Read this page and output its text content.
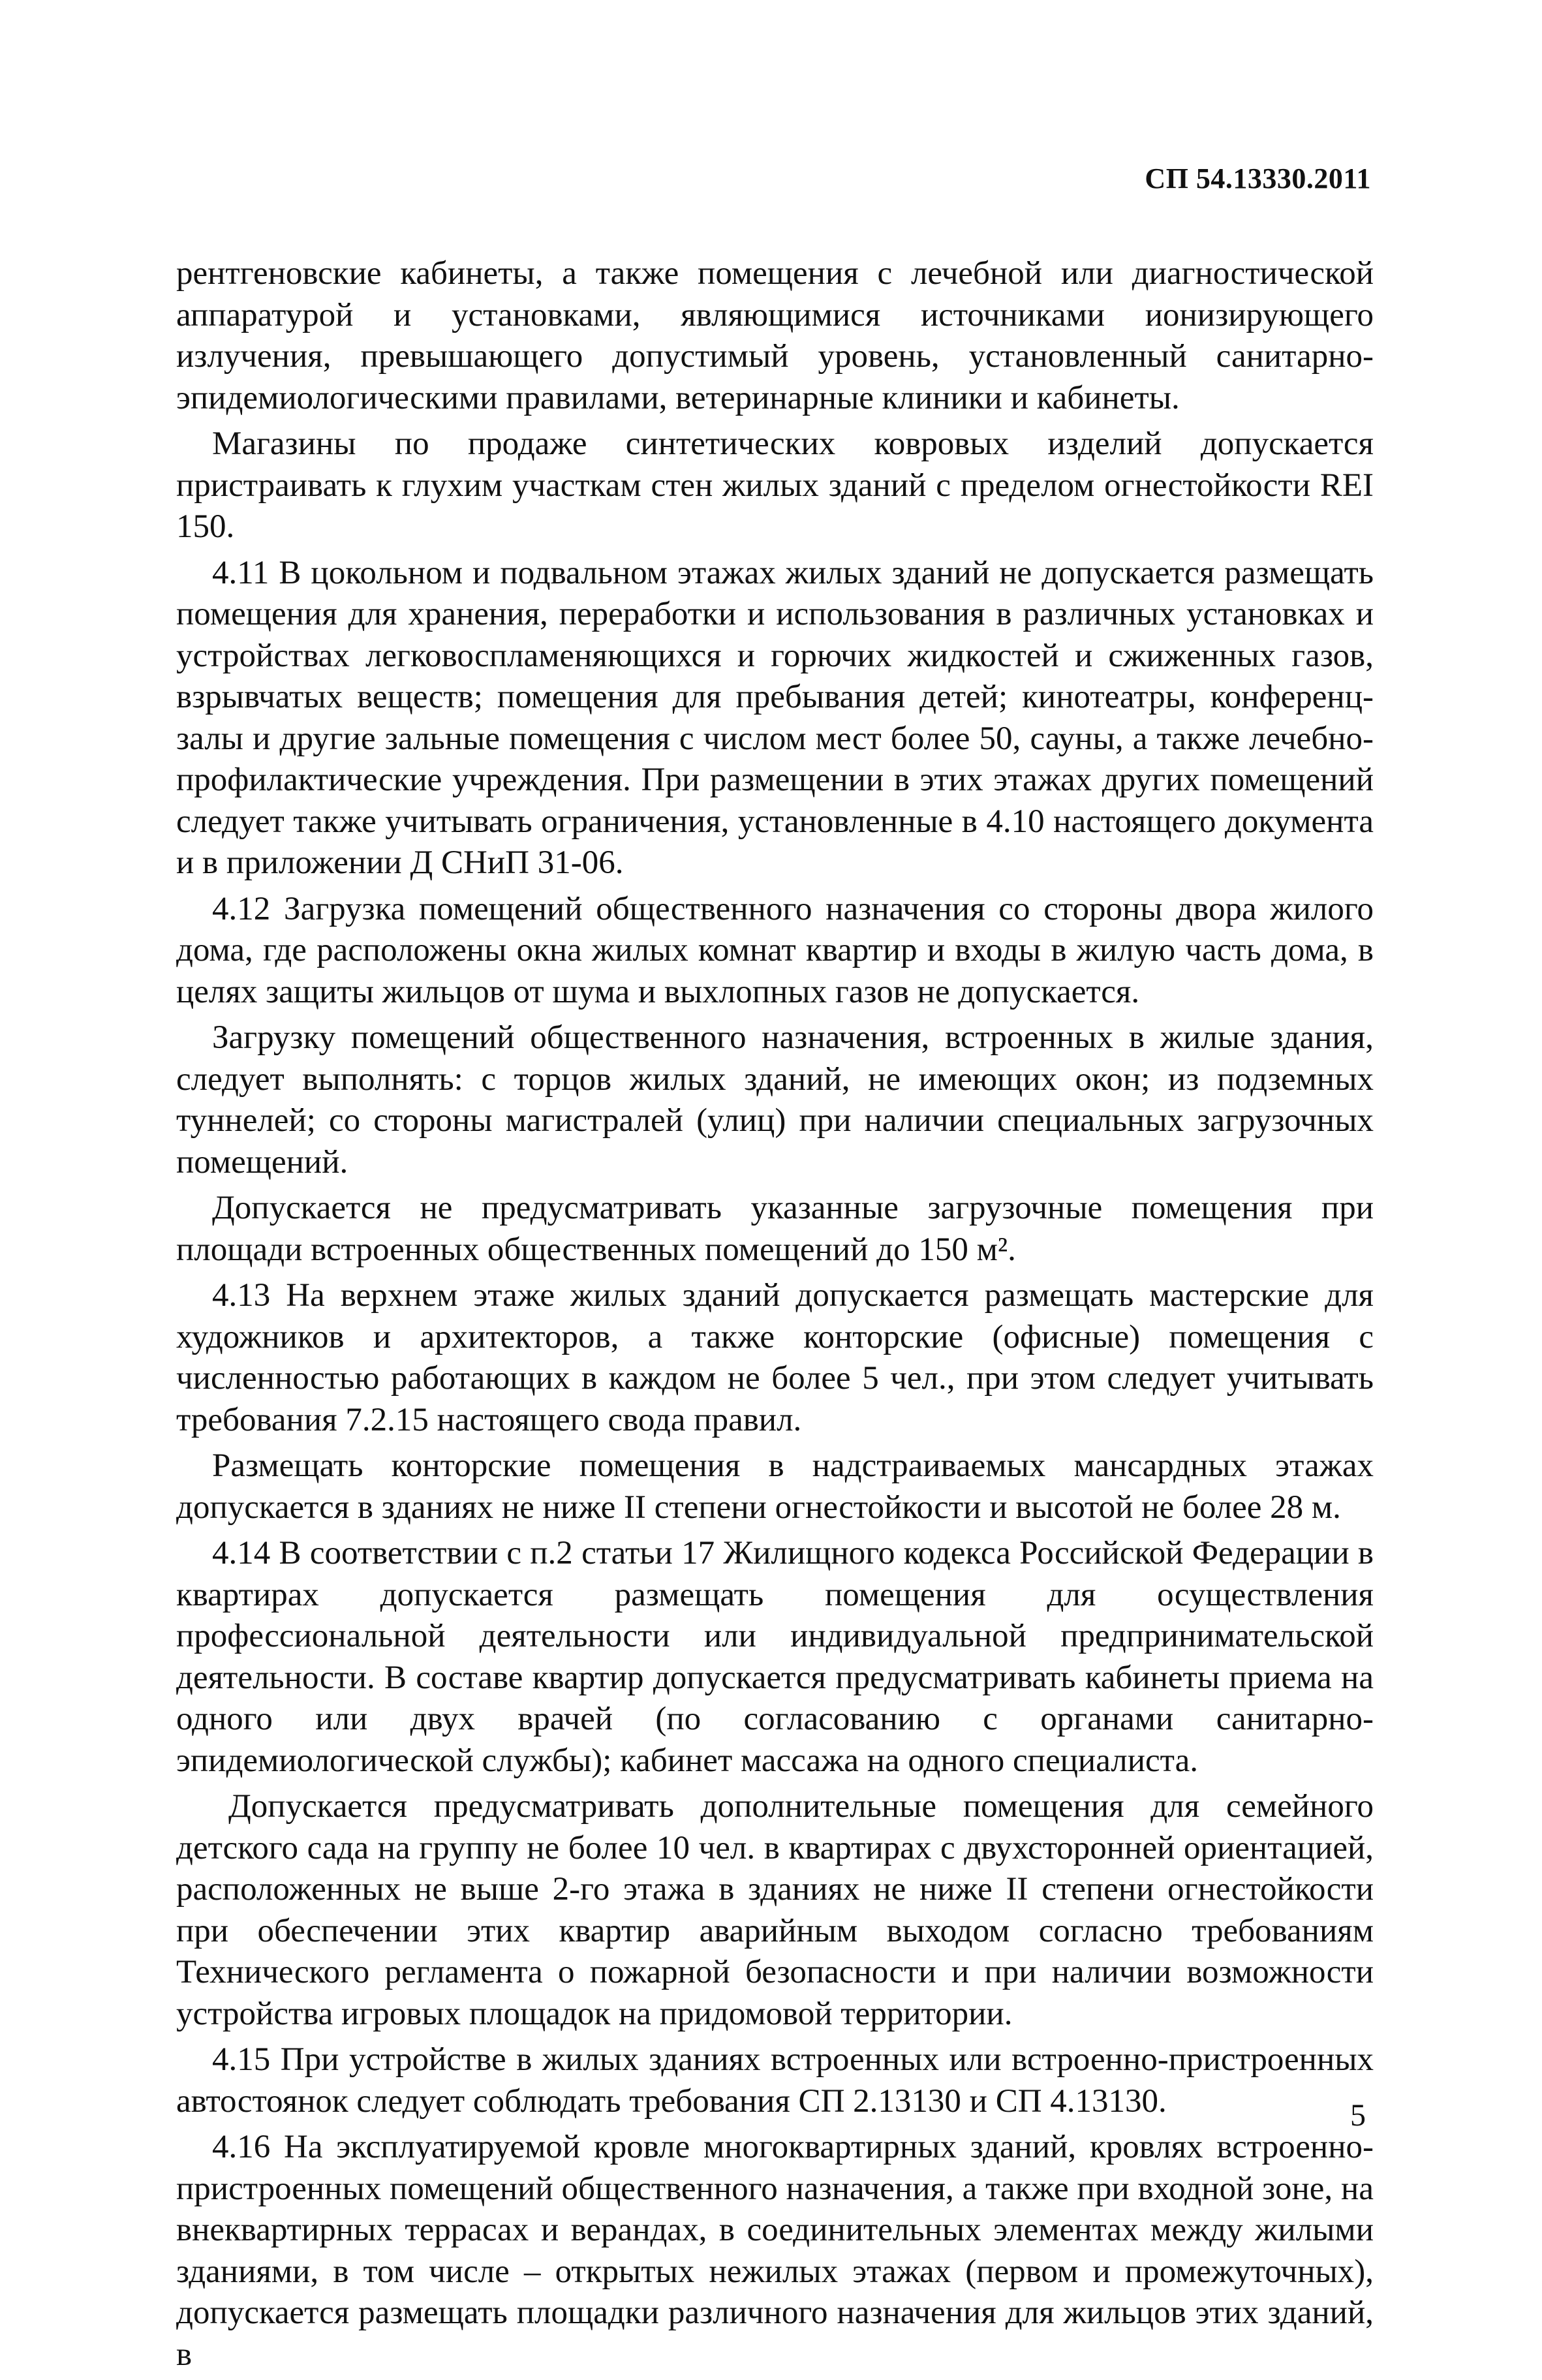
СП 54.13330.2011

рентгеновские кабинеты, а также помещения с лечебной или диагностической аппаратурой и установками, являющимися источниками ионизирующего излучения, превышающего допустимый уровень, установленный санитарно-эпидемиологическими правилами, ветеринарные клиники и кабинеты.

Магазины по продаже синтетических ковровых изделий допускается пристраивать к глухим участкам стен жилых зданий с пределом огнестойкости REI 150.

4.11 В цокольном и подвальном этажах жилых зданий не допускается размещать помещения для хранения, переработки и использования в различных установках и устройствах легковоспламеняющихся и горючих жидкостей и сжиженных газов, взрывчатых веществ; помещения для пребывания детей; кинотеатры, конференц-залы и другие зальные помещения с числом мест более 50, сауны, а также лечебно-профилактические учреждения. При размещении в этих этажах других помещений следует также учитывать ограничения, установленные в 4.10 настоящего документа и в приложении Д СНиП 31-06.

4.12 Загрузка помещений общественного назначения со стороны двора жилого дома, где расположены окна жилых комнат квартир и входы в жилую часть дома, в целях защиты жильцов от шума и выхлопных газов не допускается.

Загрузку помещений общественного назначения, встроенных в жилые здания, следует выполнять: с торцов жилых зданий, не имеющих окон; из подземных туннелей; со стороны магистралей (улиц) при наличии специальных загрузочных помещений.

Допускается не предусматривать указанные загрузочные помещения при площади встроенных общественных помещений до 150 м².

4.13 На верхнем этаже жилых зданий допускается размещать мастерские для художников и архитекторов, а также конторские (офисные) помещения с численностью работающих в каждом не более 5 чел., при этом следует учитывать требования 7.2.15 настоящего свода правил.

Размещать конторские помещения в надстраиваемых мансардных этажах допускается в зданиях не ниже II степени огнестойкости и высотой не более 28 м.

4.14 В соответствии с п.2 статьи 17 Жилищного кодекса Российской Федерации в квартирах допускается размещать помещения для осуществления профессиональной деятельности или индивидуальной предпринимательской деятельности. В составе квартир допускается предусматривать кабинеты приема на одного или двух врачей (по согласованию с органами санитарно-эпидемиологической службы); кабинет массажа на одного специалиста.

Допускается предусматривать дополнительные помещения для семейного детского сада на группу не более 10 чел. в квартирах с двухсторонней ориентацией, расположенных не выше 2-го этажа в зданиях не ниже II степени огнестойкости при обеспечении этих квартир аварийным выходом согласно требованиям Технического регламента о пожарной безопасности и при наличии возможности устройства игровых площадок на придомовой территории.

4.15 При устройстве в жилых зданиях встроенных или встроенно-пристроенных автостоянок следует соблюдать требования СП 2.13130 и СП 4.13130.

4.16 На эксплуатируемой кровле многоквартирных зданий, кровлях встроенно-пристроенных помещений общественного назначения, а также при входной зоне, на внеквартирных террасах и верандах, в соединительных элементах между жилыми зданиями, в том числе – открытых нежилых этажах (первом и промежуточных), допускается размещать площадки различного назначения для жильцов этих зданий, в

5
